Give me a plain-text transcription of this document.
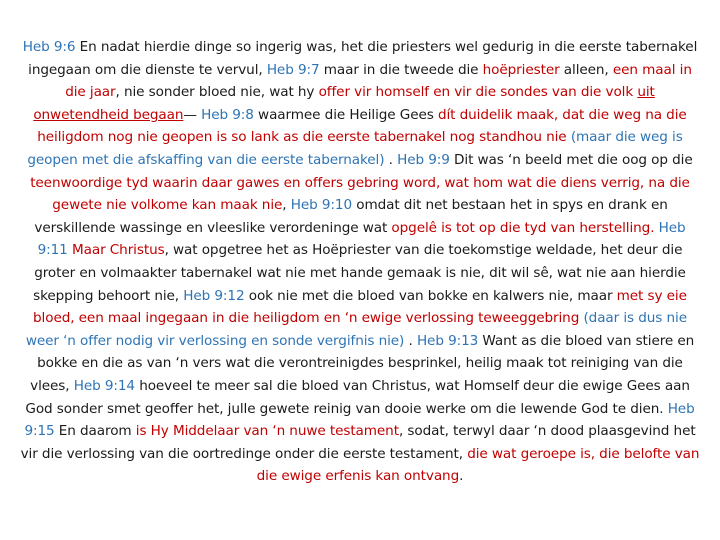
Heb 9:6 En nadat hierdie dinge so ingerig was, het die priesters wel gedurig in die eerste tabernakel ingegaan om die dienste te vervul, Heb 9:7 maar in die tweede die hoëpriester alleen, een maal in die jaar, nie sonder bloed nie, wat hy offer vir homself en vir die sondes van die volk uit onwetendheid begaan— Heb 9:8 waarmee die Heilige Gees dít duidelik maak, dat die weg na die heiligdom nog nie geopen is so lank as die eerste tabernakel nog standhou nie (maar die weg is geopen met die afskaffing van die eerste tabernakel) . Heb 9:9 Dit was ‘n beeld met die oog op die teenwoordige tyd waarin daar gawes en offers gebring word, wat hom wat die diens verrig, na die gewete nie volkome kan maak nie, Heb 9:10 omdat dit net bestaan het in spys en drank en verskillende wassinge en vleeslike verordeninge wat opgelê is tot op die tyd van herstelling. Heb 9:11 Maar Christus, wat opgetree het as Hoëpriester van die toekomstige weldade, het deur die groter en volmaakter tabernakel wat nie met hande gemaak is nie, dit wil sê, wat nie aan hierdie skepping behoort nie, Heb 9:12 ook nie met die bloed van bokke en kalwers nie, maar met sy eie bloed, een maal ingegaan in die heiligdom en ‘n ewige verlossing teweeggebring (daar is dus nie weer ‘n offer nodig vir verlossing en sonde vergifnis nie) . Heb 9:13 Want as die bloed van stiere en bokke en die as van ‘n vers wat die verontreinigdes besprinkel, heilig maak tot reiniging van die vlees, Heb 9:14 hoeveel te meer sal die bloed van Christus, wat Homself deur die ewige Gees aan God sonder smet geoffer het, julle gewete reinig van dooie werke om die lewende God te dien. Heb 9:15 En daarom is Hy Middelaar van ‘n nuwe testament, sodat, terwyl daar ‘n dood plaasgevind het vir die verlossing van die oortredinge onder die eerste testament, die wat geroepe is, die belofte van die ewige erfenis kan ontvang.
